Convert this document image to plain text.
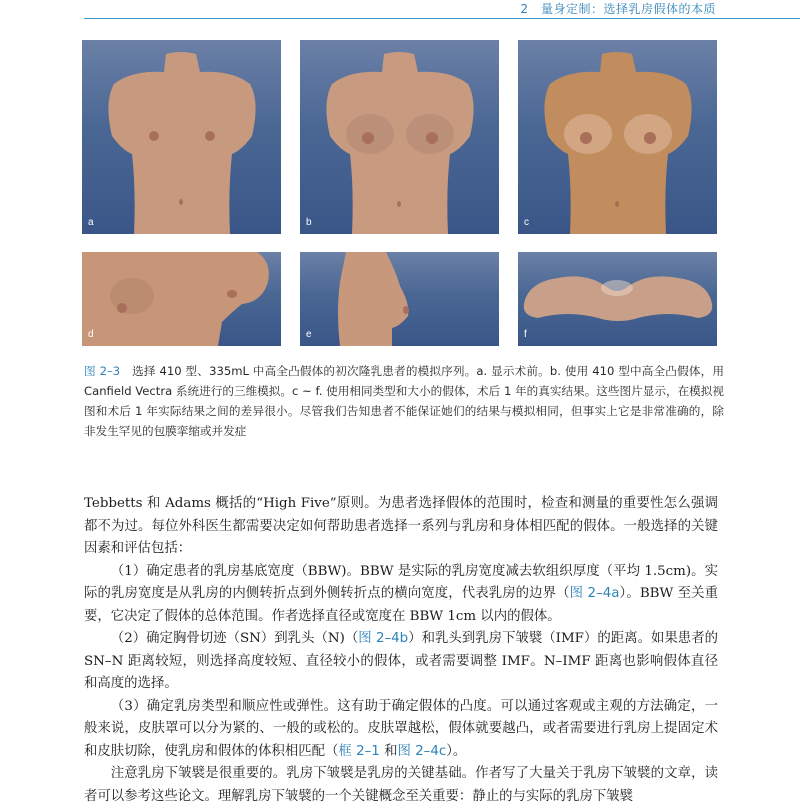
2　量身定制：选择乳房假体的本质
a	b	c
d	e	f
图 2–3　选择 410 型、335mL 中高全凸假体的初次隆乳患者的模拟序列。a. 显示术前。b. 使用 410 型中高全凸假体，用 Canfield Vectra 系统进行的三维模拟。c ~ f. 使用相同类型和大小的假体，术后 1 年的真实结果。这些图片显示，在模拟视图和术后 1 年实际结果之间的差异很小。尽管我们告知患者不能保证她们的结果与模拟相同，但事实上它是非常准确的，除非发生罕见的包膜挛缩或并发症

Tebbetts 和 Adams 概括的“High Five”原则。为患者选择假体的范围时，检查和测量的重要性怎么强调都不为过。每位外科医生都需要决定如何帮助患者选择一系列与乳房和身体相匹配的假体。一般选择的关键因素和评估包括：

（1）确定患者的乳房基底宽度（BBW)。BBW 是实际的乳房宽度减去软组织厚度（平均 1.5cm)。实际的乳房宽度是从乳房的内侧转折点到外侧转折点的横向宽度，代表乳房的边界（图 2–4a）。BBW 至关重要，它决定了假体的总体范围。作者选择直径或宽度在 BBW 1cm 以内的假体。

（2）确定胸骨切迹（SN）到乳头（N)（图 2–4b）和乳头到乳房下皱襞（IMF）的距离。如果患者的 SN–N 距离较短，则选择高度较短、直径较小的假体，或者需要调整 IMF。N–IMF 距离也影响假体直径和高度的选择。

（3）确定乳房类型和顺应性或弹性。这有助于确定假体的凸度。可以通过客观或主观的方法确定，一般来说，皮肤罩可以分为紧的、一般的或松的。皮肤罩越松，假体就要越凸，或者需要进行乳房上提固定术和皮肤切除，使乳房和假体的体积相匹配（框 2–1 和图 2–4c）。

注意乳房下皱襞是很重要的。乳房下皱襞是乳房的关键基础。作者写了大量关于乳房下皱襞的文章，读者可以参考这些论文。理解乳房下皱襞的一个关键概念至关重要：静止的与实际的乳房下皱襞
